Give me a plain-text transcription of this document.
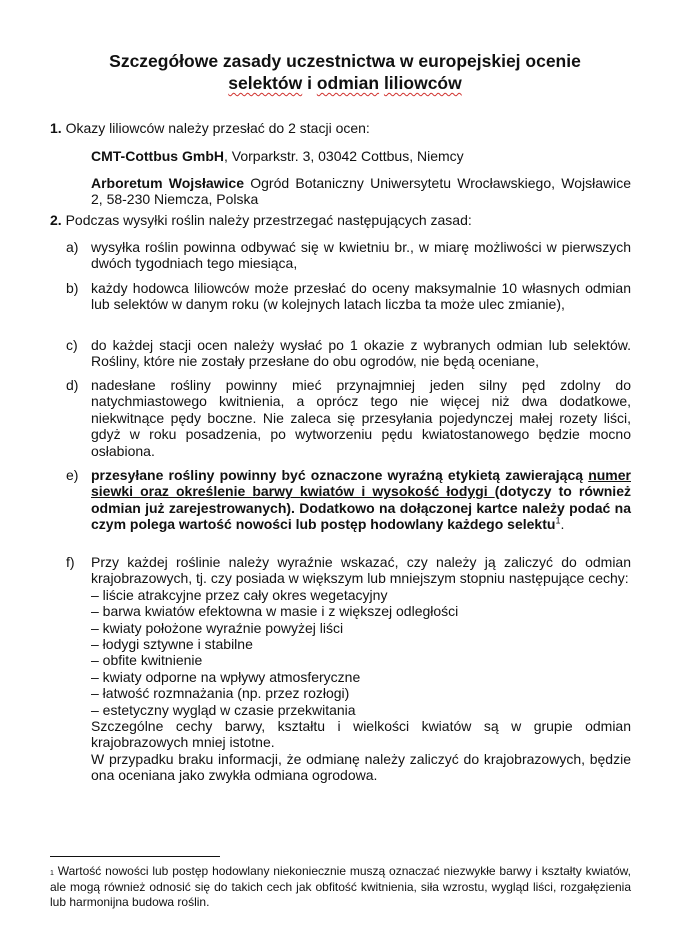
Szczegółowe zasady uczestnictwa w europejskiej ocenie
selektów i odmian liliowców
1. Okazy liliowców należy przesłać do 2 stacji ocen:
CMT-Cottbus GmbH, Vorparkstr. 3, 03042 Cottbus, Niemcy
Arboretum Wojsławice Ogród Botaniczny Uniwersytetu Wrocławskiego, Wojsławice 2, 58-230 Niemcza, Polska
2. Podczas wysyłki roślin należy przestrzegać następujących zasad:
a) wysyłka roślin powinna odbywać się w kwietniu br., w miarę możliwości w pierwszych dwóch tygodniach tego miesiąca,
b) każdy hodowca liliowców może przesłać do oceny maksymalnie 10 własnych odmian lub selektów w danym roku (w kolejnych latach liczba ta może ulec zmianie),
c) do każdej stacji ocen należy wysłać po 1 okazie z wybranych odmian lub selektów. Rośliny, które nie zostały przesłane do obu ogrodów, nie będą oceniane,
d) nadesłane rośliny powinny mieć przynajmniej jeden silny pęd zdolny do natychmiastowego kwitnienia, a oprócz tego nie więcej niż dwa dodatkowe, niekwitnące pędy boczne. Nie zaleca się przesyłania pojedynczej małej rozety liści, gdyż w roku posadzenia, po wytworzeniu pędu kwiatostanowego będzie mocno osłabiona.
e) przesyłane rośliny powinny być oznaczone wyraźną etykietą zawierającą numer siewki oraz określenie barwy kwiatów i wysokość łodygi (dotyczy to również odmian już zarejestrowanych). Dodatkowo na dołączonej kartce należy podać na czym polega wartość nowości lub postęp hodowlany każdego selektu$^1$.
f) Przy każdej roślinie należy wyraźnie wskazać, czy należy ją zaliczyć do odmian krajobrazowych, tj. czy posiada w większym lub mniejszym stopniu następujące cechy:
– liście atrakcyjne przez cały okres wegetacyjny
– barwa kwiatów efektowna w masie i z większej odległości
– kwiaty położone wyraźnie powyżej liści
– łodygi sztywne i stabilne
– obfite kwitnienie
– kwiaty odporne na wpływy atmosferyczne
– łatwość rozmnażania (np. przez rozłogi)
– estetyczny wygląd w czasie przekwitania
Szczególne cechy barwy, kształtu i wielkości kwiatów są w grupie odmian krajobrazowych mniej istotne.
W przypadku braku informacji, że odmianę należy zaliczyć do krajobrazowych, będzie ona oceniana jako zwykła odmiana ogrodowa.
$^1$ Wartość nowości lub postęp hodowlany niekoniecznie muszą oznaczać niezwykłe barwy i kształty kwiatów, ale mogą również odnosić się do takich cech jak obfitość kwitnienia, siła wzrostu, wygląd liści, rozgałęzienia lub harmonijna budowa roślin.
